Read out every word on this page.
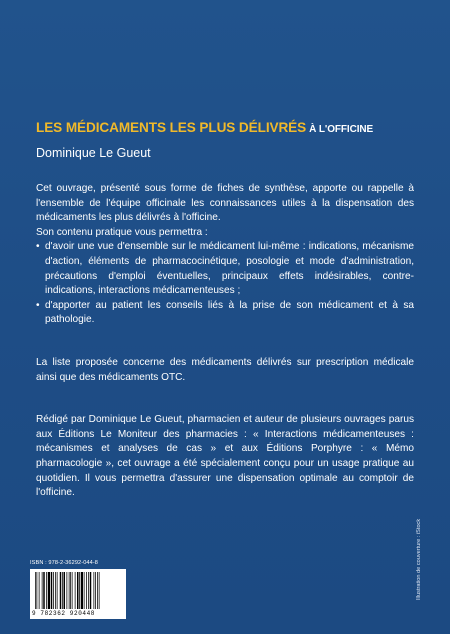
LES MÉDICAMENTS LES PLUS DÉLIVRÉS À L'OFFICINE
Dominique Le Gueut

Cet ouvrage, présenté sous forme de fiches de synthèse, apporte ou rappelle à l'ensemble de l'équipe officinale les connaissances utiles à la dispensation des médicaments les plus délivrés à l'officine.

Son contenu pratique vous permettra :

• d'avoir une vue d'ensemble sur le médicament lui-même : indications, mécanisme d'action, éléments de pharmacocinétique, posologie et mode d'administration, précautions d'emploi éventuelles, principaux effets indésirables, contre-indications, interactions médicamenteuses ;
• d'apporter au patient les conseils liés à la prise de son médicament et à sa pathologie.

La liste proposée concerne des médicaments délivrés sur prescription médicale ainsi que des médicaments OTC.

Rédigé par Dominique Le Gueut, pharmacien et auteur de plusieurs ouvrages parus aux Éditions Le Moniteur des pharmacies : « Interactions médicamenteuses : mécanismes et analyses de cas » et aux Éditions Porphyre : « Mémo pharmacologie », cet ouvrage a été spécialement conçu pour un usage pratique au quotidien. Il vous permettra d'assurer une dispensation optimale au comptoir de l'officine.

ISBN : 978-2-36292-044-8
9 782362 920448
Illustration de couverture : iStock
